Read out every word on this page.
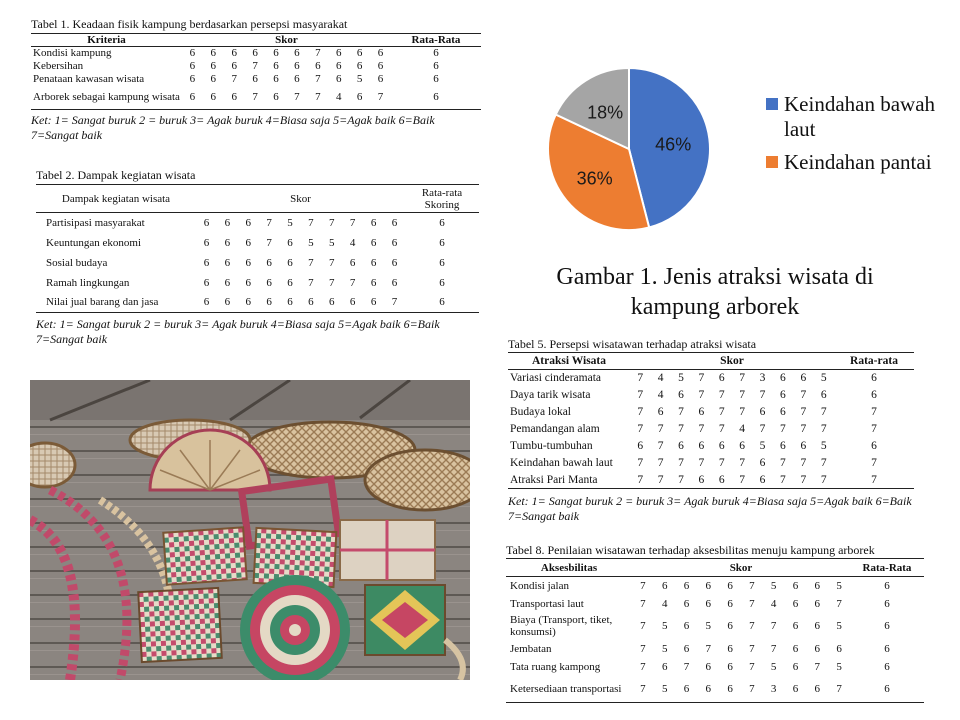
Tabel 1. Keadaan fisik kampung berdasarkan persepsi masyarakat
Kriteria	Skor										Rata-Rata
Kondisi kampung	6	6	6	6	6	6	7	6	6	6	6
Kebersihan	6	6	6	7	6	6	6	6	6	6	6
Penataan kawasan wisata	6	6	7	6	6	6	7	6	5	6	6
Arborek sebagai kampung wisata	6	6	6	7	6	7	7	4	6	7	6
Ket: 1= Sangat buruk 2 = buruk 3= Agak buruk 4=Biasa saja 5=Agak baik 6=Baik 7=Sangat baik
Tabel 2. Dampak kegiatan wisata
Dampak kegiatan wisata	Skor										Rata-rata Skoring
Partisipasi masyarakat	6	6	6	7	5	7	7	7	6	6	6
Keuntungan ekonomi	6	6	6	7	6	5	5	4	6	6	6
Sosial budaya	6	6	6	6	6	7	7	6	6	6	6
Ramah lingkungan	6	6	6	6	6	7	7	7	6	6	6
Nilai jual barang dan jasa	6	6	6	6	6	6	6	6	6	7	6
Ket: 1= Sangat buruk 2 = buruk 3= Agak buruk 4=Biasa saja 5=Agak baik 6=Baik 7=Sangat baik
46%
36%
18%	Keindahan bawah laut
Keindahan pantai
Gambar 1. Jenis atraksi wisata di kampung arborek
Tabel 5. Persepsi wisatawan terhadap atraksi wisata
Atraksi Wisata	Skor										Rata-rata
Variasi cinderamata	7	4	5	7	6	7	3	6	6	5	6
Daya tarik wisata	7	4	6	7	7	7	7	6	7	6	6
Budaya lokal	7	6	7	6	7	7	6	6	7	7	7
Pemandangan alam	7	7	7	7	7	4	7	7	7	7	7
Tumbu-tumbuhan	6	7	6	6	6	6	5	6	6	5	6
Keindahan bawah laut	7	7	7	7	7	7	6	7	7	7	7
Atraksi Pari Manta	7	7	7	6	6	7	6	7	7	7	7
Ket: 1= Sangat buruk 2 = buruk 3= Agak buruk 4=Biasa saja 5=Agak baik 6=Baik 7=Sangat baik
Tabel 8. Penilaian wisatawan terhadap aksesbilitas menuju kampung arborek
Aksesbilitas	Skor										Rata-Rata
Kondisi jalan	7	6	6	6	6	7	5	6	6	5	6
Transportasi laut	7	4	6	6	6	7	4	6	6	7	6
Biaya (Transport, tiket, konsumsi)	7	5	6	5	6	7	7	6	6	5	6
Jembatan	7	5	6	7	6	7	7	6	6	6	6
Tata ruang kampong	7	6	7	6	6	7	5	6	7	5	6
Ketersediaan transportasi	7	5	6	6	6	7	3	6	6	7	6
